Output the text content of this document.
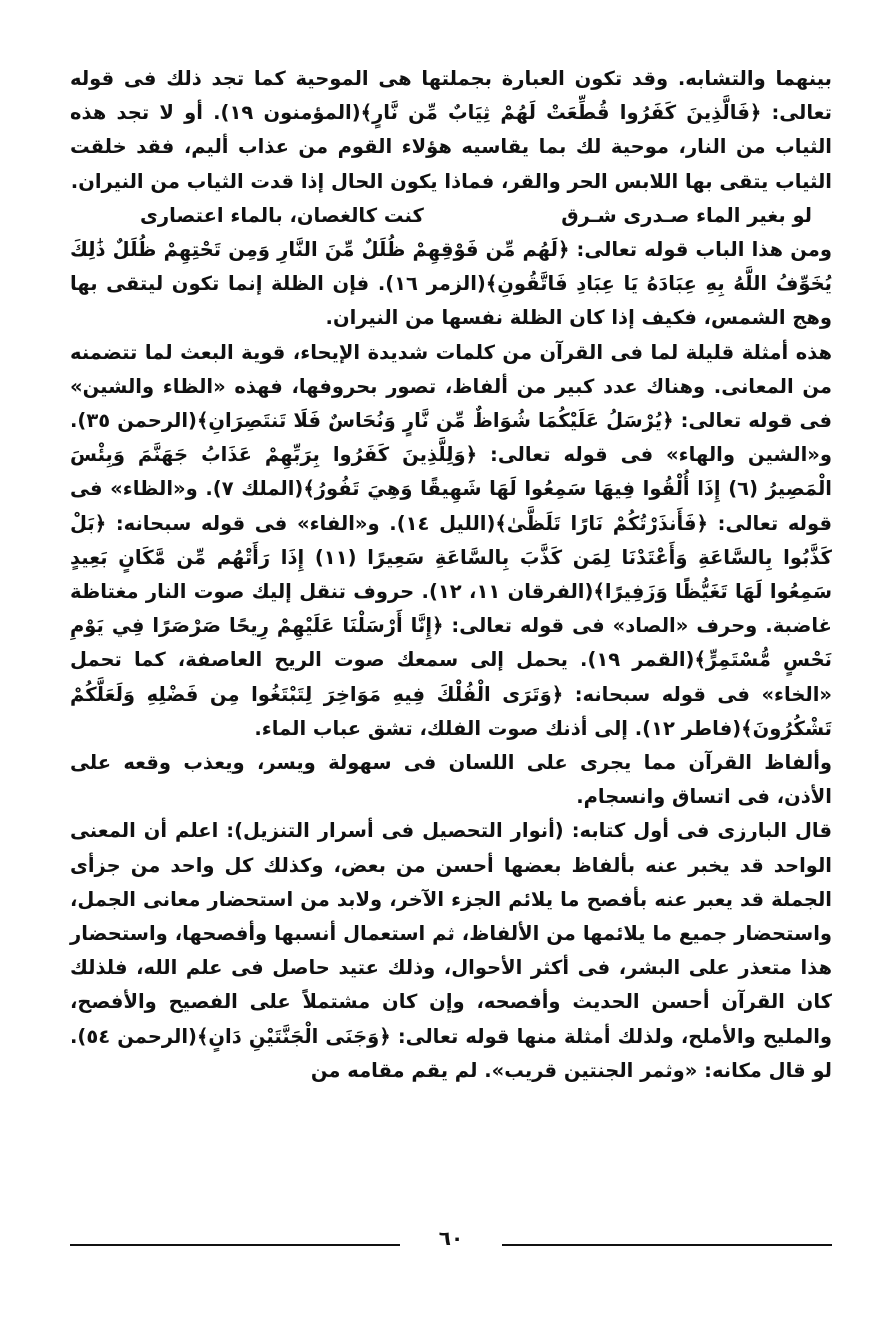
بينهما والتشابه. وقد تكون العبارة بجملتها هى الموحية كما تجد ذلك فى قوله تعالى: ﴿فَالَّذِينَ كَفَرُوا قُطِّعَتْ لَهُمْ ثِيَابٌ مِّن نَّارٍ﴾(المؤمنون ١٩). أو لا تجد هذه الثياب من النار، موحية لك بما يقاسيه هؤلاء القوم من عذاب أليم، فقد خلقت الثياب يتقى بها اللابس الحر والقر، فماذا يكون الحال إذا قدت الثياب من النيران.

لو بغير الماء صـدرى شـرق
كنت كالغصان، بالماء اعتصارى

ومن هذا الباب قوله تعالى: ﴿لَهُم مِّن فَوْقِهِمْ ظُلَلٌ مِّنَ النَّارِ وَمِن تَحْتِهِمْ ظُلَلٌ ذَٰلِكَ يُخَوِّفُ اللَّهُ بِهِ عِبَادَهُ يَا عِبَادِ فَاتَّقُونِ﴾(الزمر ١٦). فإن الظلة إنما تكون ليتقى بها وهج الشمس، فكيف إذا كان الظلة نفسها من النيران.

هذه أمثلة قليلة لما فى القرآن من كلمات شديدة الإيحاء، قوية البعث لما تتضمنه من المعانى. وهناك عدد كبير من ألفاظ، تصور بحروفها، فهذه «الظاء والشين» فى قوله تعالى: ﴿يُرْسَلُ عَلَيْكُمَا شُوَاظٌ مِّن نَّارٍ وَنُحَاسٌ فَلَا تَنتَصِرَانِ﴾(الرحمن ٣٥). و«الشين والهاء» فى قوله تعالى: ﴿وَلِلَّذِينَ كَفَرُوا بِرَبِّهِمْ عَذَابُ جَهَنَّمَ وَبِئْسَ الْمَصِيرُ (٦) إِذَا أُلْقُوا فِيهَا سَمِعُوا لَهَا شَهِيقًا وَهِيَ تَفُورُ﴾(الملك ٧). و«الظاء» فى قوله تعالى: ﴿فَأَنذَرْتُكُمْ نَارًا تَلَظَّىٰ﴾(الليل ١٤). و«الفاء» فى قوله سبحانه: ﴿بَلْ كَذَّبُوا بِالسَّاعَةِ وَأَعْتَدْنَا لِمَن كَذَّبَ بِالسَّاعَةِ سَعِيرًا (١١) إِذَا رَأَتْهُم مِّن مَّكَانٍ بَعِيدٍ سَمِعُوا لَهَا تَغَيُّظًا وَزَفِيرًا﴾(الفرقان ١١، ١٢). حروف تنقل إليك صوت النار مغتاظة غاضبة. وحرف «الصاد» فى قوله تعالى: ﴿إِنَّا أَرْسَلْنَا عَلَيْهِمْ رِيحًا صَرْصَرًا فِي يَوْمِ نَحْسٍ مُّسْتَمِرٍّ﴾(القمر ١٩). يحمل إلى سمعك صوت الريح العاصفة، كما تحمل «الخاء» فى قوله سبحانه: ﴿وَتَرَى الْفُلْكَ فِيهِ مَوَاخِرَ لِتَبْتَغُوا مِن فَضْلِهِ وَلَعَلَّكُمْ تَشْكُرُونَ﴾(فاطر ١٢). إلى أذنك صوت الفلك، تشق عباب الماء.

وألفاظ القرآن مما يجرى على اللسان فى سهولة ويسر، ويعذب وقعه على الأذن، فى اتساق وانسجام.

قال البارزى فى أول كتابه: (أنوار التحصيل فى أسرار التنزيل): اعلم أن المعنى الواحد قد يخبر عنه بألفاظ بعضها أحسن من بعض، وكذلك كل واحد من جزأى الجملة قد يعبر عنه بأفصح ما يلائم الجزء الآخر، ولابد من استحضار معانى الجمل، واستحضار جميع ما يلائمها من الألفاظ، ثم استعمال أنسبها وأفصحها، واستحضار هذا متعذر على البشر، فى أكثر الأحوال، وذلك عتيد حاصل فى علم الله، فلذلك كان القرآن أحسن الحديث وأفصحه، وإن كان مشتملاً على الفصيح والأفصح، والمليح والأملح، ولذلك أمثلة منها قوله تعالى: ﴿وَجَنَى الْجَنَّتَيْنِ دَانٍ﴾(الرحمن ٥٤). لو قال مكانه: «وثمر الجنتين قريب». لم يقم مقامه من

٦٠
